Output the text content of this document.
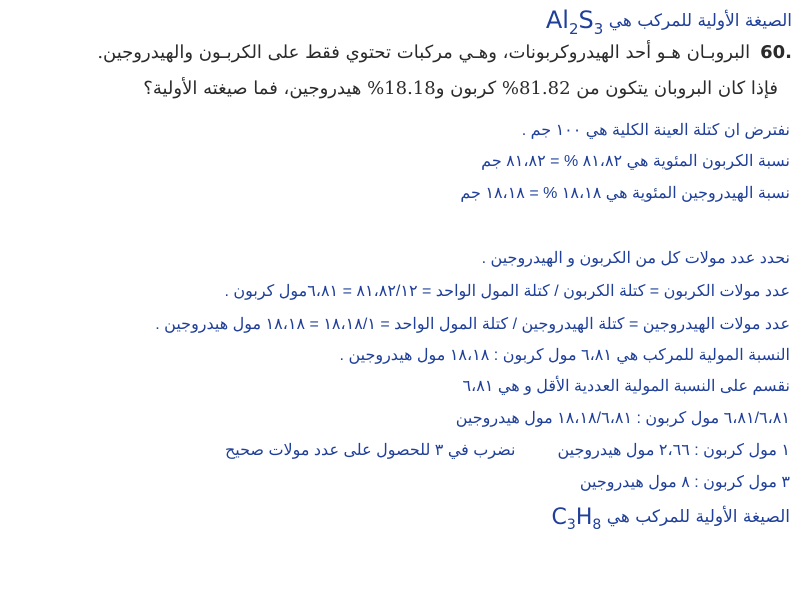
الصيغة الأولية للمركب هي $Al_2S_3$
60.البروبـان هـو أحد الهيدروكربونات، وهـي مركبات تحتوي فقط على الكربـون والهيدروجين.
فإذا كان البروبان يتكون من 81.82% كربون و18.18% هيدروجين، فما صيغته الأولية؟
نفترض ان كتلة العينة الكلية هي ١٠٠ جم .
نسبة الكربون المئوية هي ٨١،٨٢ % = ٨١،٨٢ جم
نسبة الهيدروجين المئوية هي ١٨،١٨ % = ١٨،١٨ جم
نحدد عدد مولات كل من الكربون و الهيدروجين .
عدد مولات الكربون = كتلة الكربون / كتلة المول الواحد = ٨١،٨٢/١٢ = ٦،٨١مول كربون .
عدد مولات الهيدروجين = كتلة الهيدروجين / كتلة المول الواحد = ١٨،١٨/١ = ١٨،١٨ مول هيدروجين .
النسبة المولية للمركب هي ٦،٨١ مول كربون : ١٨،١٨ مول هيدروجين .
نقسم على النسبة المولية العددية الأقل و هي ٦،٨١
٦،٨١/٦،٨١ مول كربون : ١٨،١٨/٦،٨١ مول هيدروجين
١ مول كربون : ٢،٦٦ مول هيدروجيننضرب في ٣ للحصول على عدد مولات صحيح
٣ مول كربون : ٨ مول هيدروجين
الصيغة الأولية للمركب هي $C_3H_8$
